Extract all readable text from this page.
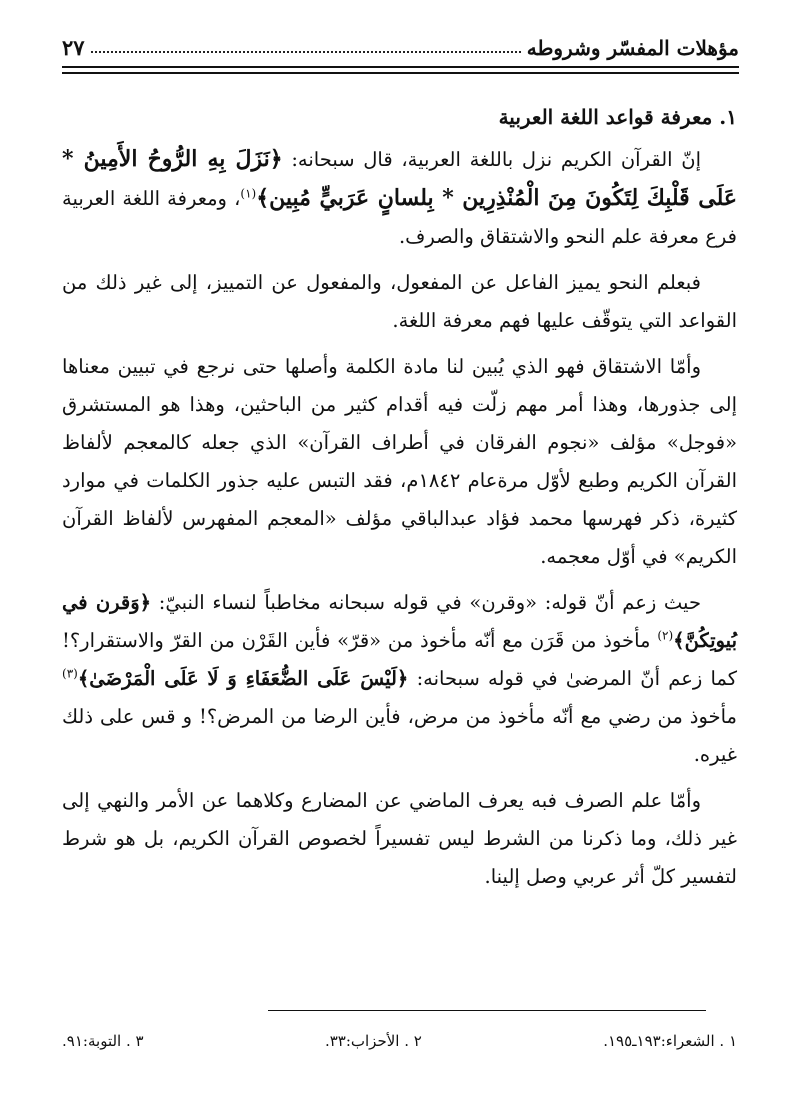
مؤهلات المفسّر وشروطه
٢٧
١. معرفة قواعد اللغة العربية

إنّ القرآن الكريم نزل باللغة العربية، قال سبحانه: ﴿نَزَلَ بِهِ الرُّوحُ الأَمِينُ * عَلَى قَلْبِكَ لِتَكُونَ مِنَ الْمُنْذِرِين * بِلسانٍ عَرَبيٍّ مُبِين﴾$^{(١)}$، ومعرفة اللغة العربية فرع معرفة علم النحو والاشتقاق والصرف.

فبعلم النحو يميز الفاعل عن المفعول، والمفعول عن التمييز، إلى غير ذلك من القواعد التي يتوقّف عليها فهم معرفة اللغة.

وأمّا الاشتقاق فهو الذي يُبين لنا مادة الكلمة وأصلها حتى نرجع في تبيين معناها إلى جذورها، وهذا أمر مهم زلّت فيه أقدام كثير من الباحثين، وهذا هو المستشرق «فوجل» مؤلف «نجوم الفرقان في أطراف القرآن» الذي جعله كالمعجم لألفاظ القرآن الكريم وطبع لأوّل مرةعام ١٨٤٢م، فقد التبس عليه جذور الكلمات في موارد كثيرة، ذكر فهرسها محمد فؤاد عبدالباقي مؤلف «المعجم المفهرس لألفاظ القرآن الكريم» في أوّل معجمه.

حيث زعم أنّ قوله: «وقرن» في قوله سبحانه مخاطباً لنساء النبيّ: ﴿وَقرن في بُيوتِكُنَّ﴾$^{(٢)}$ مأخوذ من قَرَن مع أنّه مأخوذ من «قرّ» فأين القَرْن من القرّ والاستقرار؟! كما زعم أنّ المرضىٰ في قوله سبحانه: ﴿لَيْسَ عَلَى الضُّعَفَاءِ وَ لَا عَلَى الْمَرْضَىٰ﴾$^{(٣)}$ مأخوذ من رضي مع أنّه مأخوذ من مرض، فأين الرضا من المرض؟! و قس على ذلك غيره.

وأمّا علم الصرف فبه يعرف الماضي عن المضارع وكلاهما عن الأمر والنهي إلى غير ذلك، وما ذكرنا من الشرط ليس تفسيراً لخصوص القرآن الكريم، بل هو شرط لتفسير كلّ أثر عربي وصل إلينا.

١ . الشعراء:١٩٣ـ١٩٥.
٢ . الأحزاب:٣٣.
٣ . التوبة:٩١.
